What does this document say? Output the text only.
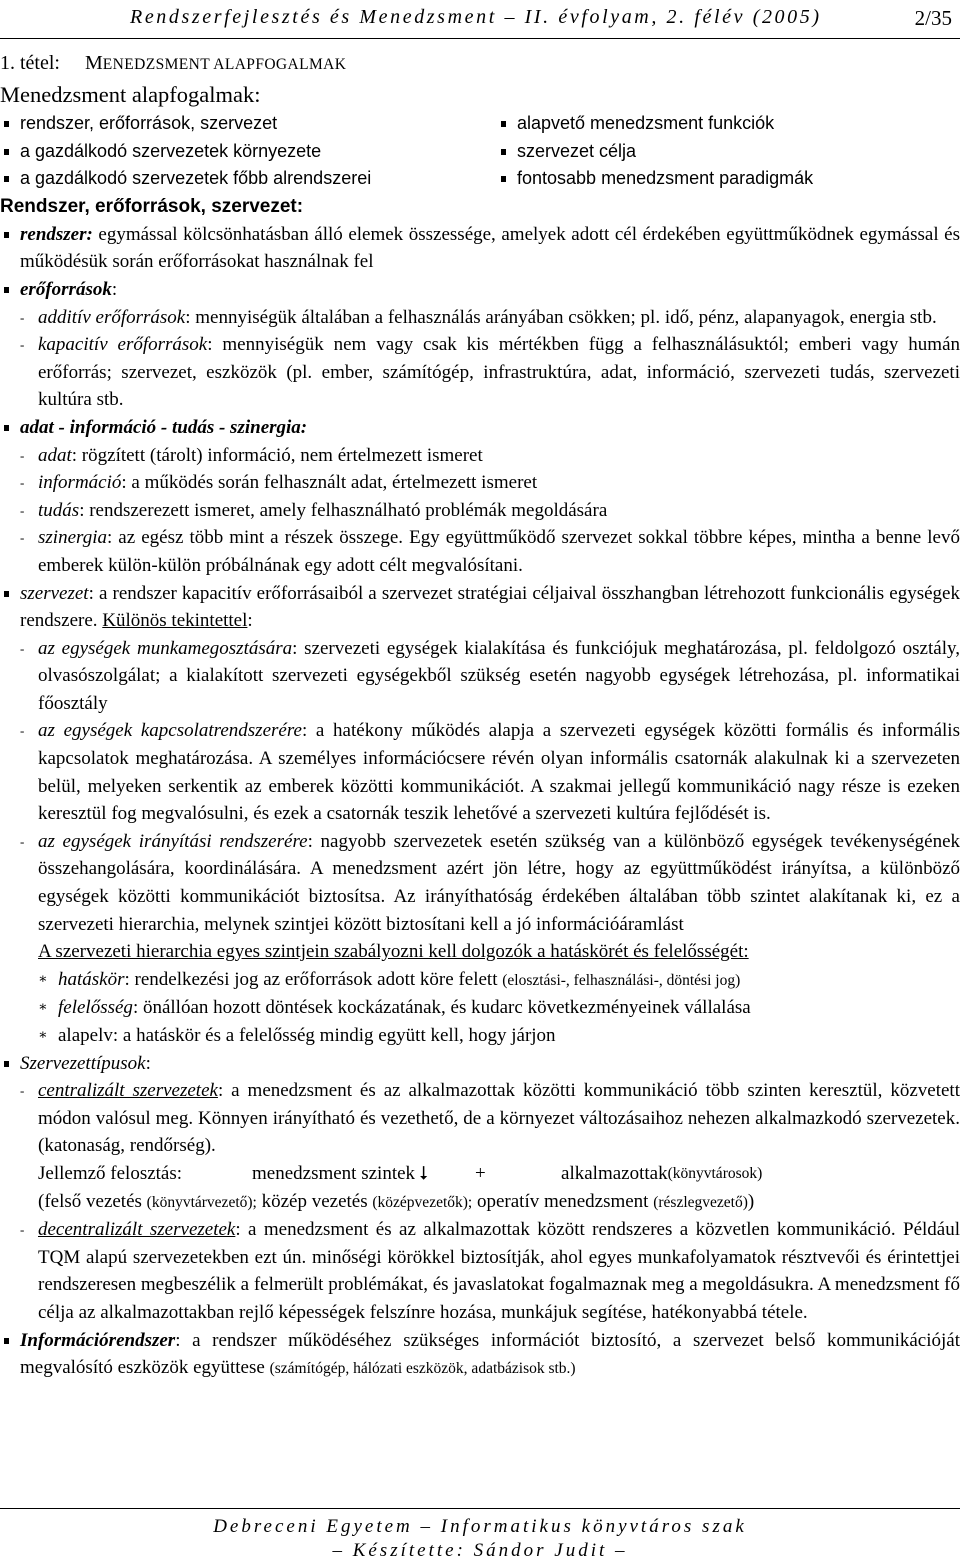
Rendszerfejlesztés és Menedzsment – II. évfolyam, 2. félév (2005)	2/35
1. tétel: MENEDZSMENT ALAPFOGALMAK
Menedzsment alapfogalmak:
rendszer, erőforrások, szervezet
a gazdálkodó szervezetek környezete
a gazdálkodó szervezetek főbb alrendszerei
alapvető menedzsment funkciók
szervezet célja
fontosabb menedzsment paradigmák
Rendszer, erőforrások, szervezet:
rendszer: egymással kölcsönhatásban álló elemek összessége, amelyek adott cél érdekében együttműködnek egymással és működésük során erőforrásokat használnak fel
erőforrások:
- additív erőforrások: mennyiségük általában a felhasználás arányában csökken; pl. idő, pénz, alapanyagok, energia stb.
- kapacitív erőforrások: mennyiségük nem vagy csak kis mértékben függ a felhasználásuktól; emberi vagy humán erőforrás; szervezet, eszközök (pl. ember, számítógép, infrastruktúra, adat, információ, szervezeti tudás, szervezeti kultúra stb.
adat - információ - tudás - szinergia:
- adat: rögzített (tárolt) információ, nem értelmezett ismeret
- információ: a működés során felhasznált adat, értelmezett ismeret
- tudás: rendszerezett ismeret, amely felhasználható problémák megoldására
- szinergia: az egész több mint a részek összege. Egy együttműködő szervezet sokkal többre képes, mintha a benne levő emberek külön-külön próbálnának egy adott célt megvalósítani.
szervezet: a rendszer kapacitív erőforrásaiból a szervezet stratégiai céljaival összhangban létrehozott funkcionális egységek rendszere. Különös tekintettel:
- az egységek munkamegosztására: szervezeti egységek kialakítása és funkciójuk meghatározása, pl. feldolgozó osztály, olvasószolgálat; a kialakított szervezeti egységekből szükség esetén nagyobb egységek létrehozása, pl. informatikai főosztály
- az egységek kapcsolatrendszerére: a hatékony működés alapja a szervezeti egységek közötti formális és informális kapcsolatok meghatározása. A személyes információcsere révén olyan informális csatornák alakulnak ki a szervezeten belül, melyeken serkentik az emberek közötti kommunikációt. A szakmai jellegű kommunikáció nagy része is ezeken keresztül fog megvalósulni, és ezek a csatornák teszik lehetővé a szervezeti kultúra fejlődését is.
- az egységek irányítási rendszerére: nagyobb szervezetek esetén szükség van a különböző egységek tevékenységének összehangolására, koordinálására. A menedzsment azért jön létre, hogy az együttműködést irányítsa, a különböző egységek közötti kommunikációt biztosítsa. Az irányíthatóság érdekében általában több szintet alakítanak ki, ez a szervezeti hierarchia, melynek szintjei között biztosítani kell a jó információáramlást
A szervezeti hierarchia egyes szintjein szabályozni kell dolgozók a hatáskörét és felelősségét:
∗ hatáskör: rendelkezési jog az erőforrások adott köre felett (elosztási-, felhasználási-, döntési jog)
∗ felelősség: önállóan hozott döntések kockázatának, és kudarc következményeinek vállalása
∗ alapelv: a hatáskör és a felelősség mindig együtt kell, hogy járjon
Szervezettípusok:
- centralizált szervezetek: a menedzsment és az alkalmazottak közötti kommunikáció több szinten keresztül, közvetett módon valósul meg. Könnyen irányítható és vezethető, de a környezet változásaihoz nehezen alkalmazkodó szervezetek. (katonaság, rendőrség).
Jellemző felosztás:	menedzsment szintek ⭣	+	alkalmazottak (könyvtárosok)
(felső vezetés (könyvtárvezető); közép vezetés (középvezetők); operatív menedzsment (részlegvezető))
- decentralizált szervezetek: a menedzsment és az alkalmazottak között rendszeres a közvetlen kommunikáció. Például TQM alapú szervezetekben ezt ún. minőségi körökkel biztosítják, ahol egyes munkafolyamatok résztvevői és érintettjei rendszeresen megbeszélik a felmerült problémákat, és javaslatokat fogalmaznak meg a megoldásukra. A menedzsment fő célja az alkalmazottakban rejlő képességek felszínre hozása, munkájuk segítése, hatékonyabbá tétele.
Információrendszer: a rendszer működéséhez szükséges információt biztosító, a szervezet belső kommunikációját megvalósító eszközök együttese (számítógép, hálózati eszközök, adatbázisok stb.)
Debreceni Egyetem – Informatikus könyvtáros szak
– Készítette: Sándor Judit –
